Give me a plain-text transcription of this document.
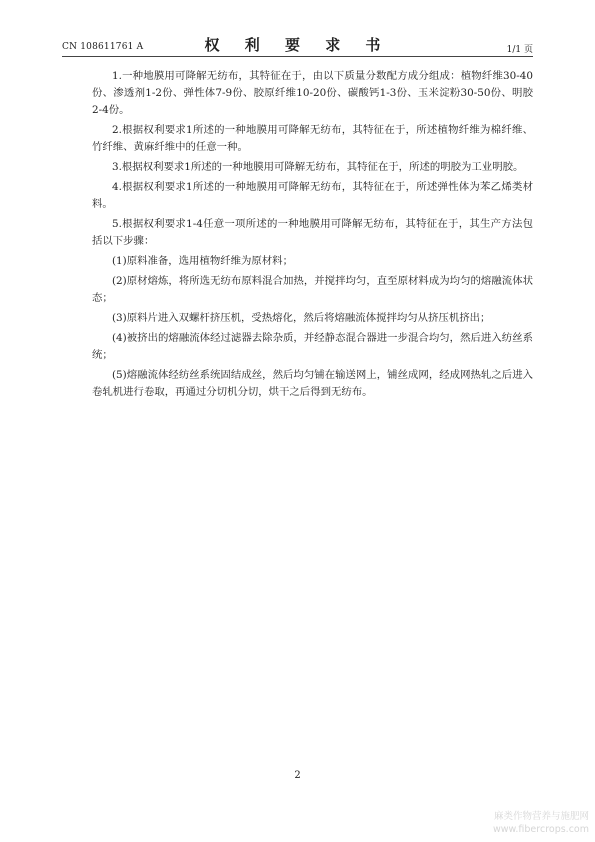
CN 108611761 A	权 利 要 求 书	1/1 页

1.一种地膜用可降解无纺布，其特征在于，由以下质量分数配方成分组成：植物纤维30-40份、渗透剂1-2份、弹性体7-9份、胶原纤维10-20份、碳酸钙1-3份、玉米淀粉30-50份、明胶2-4份。

2.根据权利要求1所述的一种地膜用可降解无纺布，其特征在于，所述植物纤维为棉纤维、竹纤维、黄麻纤维中的任意一种。

3.根据权利要求1所述的一种地膜用可降解无纺布，其特征在于，所述的明胶为工业明胶。

4.根据权利要求1所述的一种地膜用可降解无纺布，其特征在于，所述弹性体为苯乙烯类材料。

5.根据权利要求1-4任意一项所述的一种地膜用可降解无纺布，其特征在于，其生产方法包括以下步骤：

(1)原料准备，选用植物纤维为原材料；

(2)原材熔炼，将所选无纺布原料混合加热，并搅拌均匀，直至原材料成为均匀的熔融流体状态；

(3)原料片进入双螺杆挤压机，受热熔化，然后将熔融流体搅拌均匀从挤压机挤出；

(4)被挤出的熔融流体经过滤器去除杂质，并经静态混合器进一步混合均匀，然后进入纺丝系统；

(5)熔融流体经纺丝系统固结成丝，然后均匀铺在输送网上，铺丝成网，经成网热轧之后进入卷轧机进行卷取，再通过分切机分切，烘干之后得到无纺布。

2
麻类作物营养与施肥网
www.fibercrops.com
